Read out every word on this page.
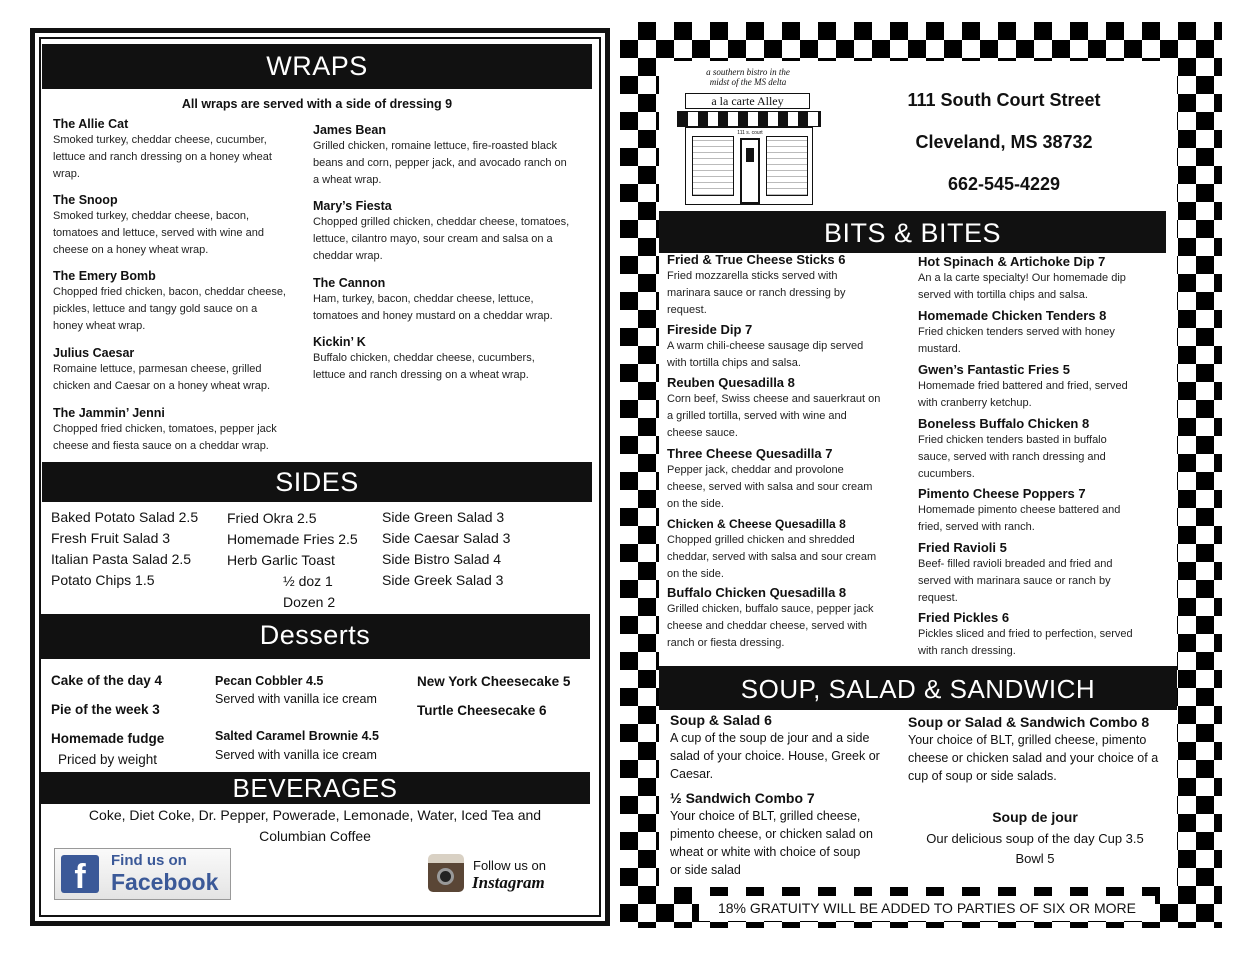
WRAPS
All wraps are served with a side of dressing 9
The Allie Cat
Smoked turkey, cheddar cheese, cucumber,
lettuce and ranch dressing on a honey wheat
wrap.
The Snoop
Smoked turkey, cheddar cheese, bacon,
tomatoes and lettuce, served with wine and
cheese on a honey wheat wrap.
The Emery Bomb
Chopped fried chicken, bacon, cheddar cheese,
pickles, lettuce and tangy gold sauce on a
honey wheat wrap.
Julius Caesar
Romaine lettuce, parmesan cheese, grilled
chicken and Caesar on a honey wheat wrap.
The Jammin’ Jenni
Chopped fried chicken, tomatoes, pepper jack
cheese and fiesta sauce on a cheddar wrap.
James Bean
Grilled chicken, romaine lettuce, fire-roasted black
beans and corn, pepper jack, and avocado ranch on
a wheat wrap.
Mary’s Fiesta
Chopped grilled chicken, cheddar cheese, tomatoes,
lettuce, cilantro mayo, sour cream and salsa on a
cheddar wrap.
The Cannon
Ham, turkey, bacon, cheddar cheese, lettuce,
tomatoes and honey mustard on a cheddar wrap.
Kickin’ K
Buffalo chicken, cheddar cheese, cucumbers,
lettuce and ranch dressing on a wheat wrap.
SIDES
Baked Potato Salad 2.5
Fresh Fruit Salad 3
Italian Pasta Salad 2.5
Potato Chips 1.5
Fried Okra 2.5
Homemade Fries 2.5
Herb Garlic Toast
½ doz 1
Dozen 2
Side Green Salad 3
Side Caesar Salad 3
Side Bistro Salad 4
Side Greek Salad 3
Desserts
Cake of the day 4
Pie of the week 3
Homemade fudge
Priced by weight
Pecan Cobbler 4.5
Served with vanilla ice cream
Salted Caramel Brownie 4.5
Served with vanilla ice cream
New York Cheesecake 5
Turtle Cheesecake 6
BEVERAGES
Coke, Diet Coke, Dr. Pepper, Powerade, Lemonade, Water, Iced Tea and
Columbian Coffee
f	Find us on
Facebook
Follow us on
Instagram
a southern bistro in the
midst of the MS delta
a la carte Alley
111 s. court
111 South Court Street
Cleveland, MS 38732
662-545-4229
BITS & BITES
Fried & True Cheese Sticks 6
Fried mozzarella sticks served with
marinara sauce or ranch dressing by
request.
Fireside Dip 7
A warm chili-cheese sausage dip served
with tortilla chips and salsa.
Reuben Quesadilla 8
Corn beef, Swiss cheese and sauerkraut on
a grilled tortilla, served with wine and
cheese sauce.
Three Cheese Quesadilla 7
Pepper jack, cheddar and provolone
cheese, served with salsa and sour cream
on the side.
Chicken & Cheese Quesadilla 8
Chopped grilled chicken and shredded
cheddar, served with salsa and sour cream
on the side.
Buffalo Chicken Quesadilla 8
Grilled chicken, buffalo sauce, pepper jack
cheese and cheddar cheese, served with
ranch or fiesta dressing.
Hot Spinach & Artichoke Dip 7
An a la carte specialty! Our homemade dip
served with tortilla chips and salsa.
Homemade Chicken Tenders 8
Fried chicken tenders served with honey
mustard.
Gwen’s Fantastic Fries 5
Homemade fried battered and fried, served
with cranberry ketchup.
Boneless Buffalo Chicken 8
Fried chicken tenders basted in buffalo
sauce, served with ranch dressing and
cucumbers.
Pimento Cheese Poppers 7
Homemade pimento cheese battered and
fried, served with ranch.
Fried Ravioli 5
Beef- filled ravioli breaded and fried and
served with marinara sauce or ranch by
request.
Fried Pickles 6
Pickles sliced and fried to perfection, served
with ranch dressing.
SOUP, SALAD & SANDWICH
Soup & Salad 6
A cup of the soup de jour and a side
salad of your choice. House, Greek or
Caesar.
½ Sandwich Combo 7
Your choice of BLT, grilled cheese,
pimento cheese, or chicken salad on
wheat or white with choice of soup
or side salad
Soup or Salad & Sandwich Combo 8
Your choice of BLT, grilled cheese, pimento
cheese or chicken salad and your choice of a
cup of soup or side salads.
Soup de jour
Our delicious soup of the day Cup 3.5
Bowl 5
18% GRATUITY WILL BE ADDED TO PARTIES OF SIX OR MORE
